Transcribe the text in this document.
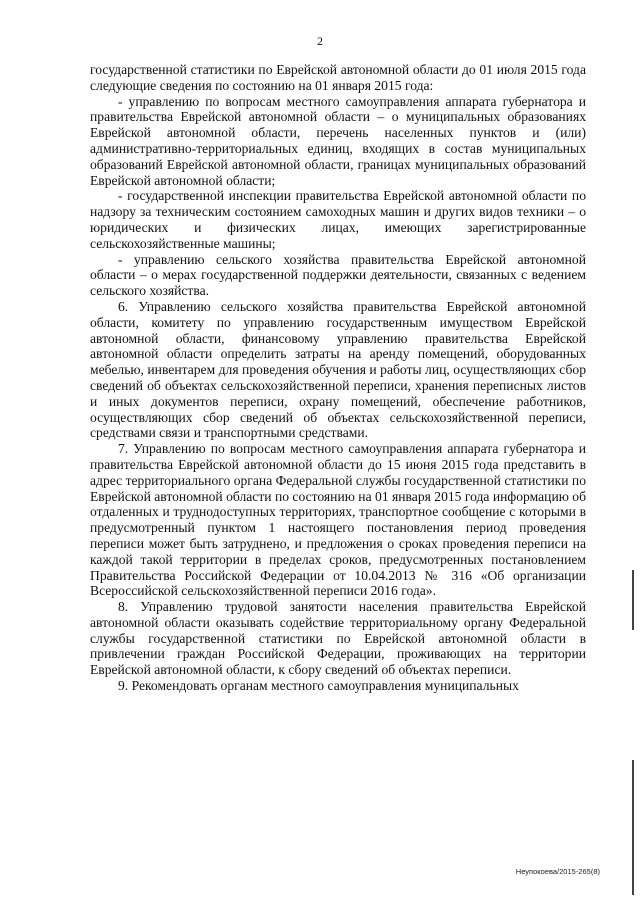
2

государственной статистики по Еврейской автономной области до 01 июля 2015 года следующие сведения по состоянию на 01 января 2015 года:

- управлению по вопросам местного самоуправления аппарата губернатора и правительства Еврейской автономной области – о муниципальных образованиях Еврейской автономной области, перечень населенных пунктов и (или) административно-территориальных единиц, входящих в состав муниципальных образований Еврейской автономной области, границах муниципальных образований Еврейской автономной области;

- государственной инспекции правительства Еврейской автономной области по надзору за техническим состоянием самоходных машин и других видов техники – о юридических и физических лицах, имеющих зарегистрированные сельскохозяйственные машины;

- управлению сельского хозяйства правительства Еврейской автономной области – о мерах государственной поддержки деятельности, связанных с ведением сельского хозяйства.

6. Управлению сельского хозяйства правительства Еврейской автономной области, комитету по управлению государственным имуществом Еврейской автономной области, финансовому управлению правительства Еврейской автономной области определить затраты на аренду помещений, оборудованных мебелью, инвентарем для проведения обучения и работы лиц, осуществляющих сбор сведений об объектах сельскохозяйственной переписи, хранения переписных листов и иных документов переписи, охрану помещений, обеспечение работников, осуществляющих сбор сведений об объектах сельскохозяйственной переписи, средствами связи и транспортными средствами.

7. Управлению по вопросам местного самоуправления аппарата губернатора и правительства Еврейской автономной области до 15 июня 2015 года представить в адрес территориального органа Федеральной службы государственной статистики по Еврейской автономной области по состоянию на 01 января 2015 года информацию об отдаленных и труднодоступных территориях, транспортное сообщение с которыми в предусмотренный пунктом 1 настоящего постановления период проведения переписи может быть затруднено, и предложения о сроках проведения переписи на каждой такой территории в пределах сроков, предусмотренных постановлением Правительства Российской Федерации от 10.04.2013 № 316 «Об организации Всероссийской сельскохозяйственной переписи 2016 года».

8. Управлению трудовой занятости населения правительства Еврейской автономной области оказывать содействие территориальному органу Федеральной службы государственной статистики по Еврейской автономной области в привлечении граждан Российской Федерации, проживающих на территории Еврейской автономной области, к сбору сведений об объектах переписи.

9. Рекомендовать органам местного самоуправления муниципальных

Неупокоева/2015-265(8)
